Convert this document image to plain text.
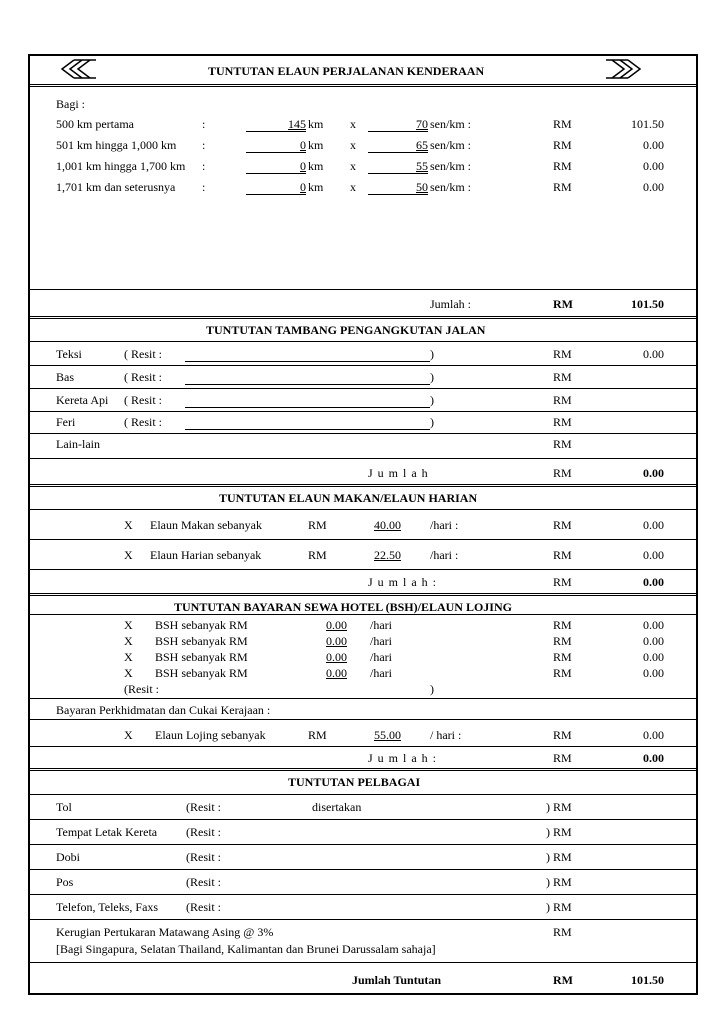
TUNTUTAN ELAUN PERJALANAN KENDERAAN
Bagi :
500 km pertama	:	145 km x	70 sen/km :	RM	101.50
501 km hingga 1,000 km :	0 km x	65 sen/km :	RM	0.00
1,001 km hingga 1,700 km :	0 km x	55 sen/km :	RM	0.00
1,701 km dan seterusnya :	0 km x	50 sen/km :	RM	0.00
Jumlah :	RM	101.50
TUNTUTAN TAMBANG PENGANGKUTAN JALAN
Teksi	( Resit :	)	RM	0.00
Bas	( Resit :	)	RM
Kereta Api ( Resit :	)	RM
Feri	( Resit :	)	RM
Lain-lain	RM
J u m l a h	RM	0.00
TUNTUTAN ELAUN MAKAN/ELAUN HARIAN
X Elaun Makan sebanyak	RM	40.00 /hari :	RM	0.00
X Elaun Harian sebanyak	RM	22.50 /hari :	RM	0.00
J u m l a h :	RM	0.00
TUNTUTAN BAYARAN SEWA HOTEL (BSH)/ELAUN LOJING
X BSH sebanyak RM	0.00 /hari	RM	0.00
X BSH sebanyak RM	0.00 /hari	RM	0.00
X BSH sebanyak RM	0.00 /hari	RM	0.00
X BSH sebanyak RM	0.00 /hari	RM	0.00
(Resit :	)
Bayaran Perkhidmatan dan Cukai Kerajaan :
X Elaun Lojing sebanyak	RM	55.00 / hari :	RM	0.00
J u m l a h :	RM	0.00
TUNTUTAN PELBAGAI
Tol	(Resit :	disertakan	) RM
Tempat Letak Kereta (Resit :	) RM
Dobi	(Resit :	) RM
Pos	(Resit :	) RM
Telefon, Teleks, Faxs (Resit :	) RM
Kerugian Pertukaran Matawang Asing @ 3%	RM
[Bagi Singapura, Selatan Thailand, Kalimantan dan Brunei Darussalam sahaja]
Jumlah Tuntutan	RM	101.50
